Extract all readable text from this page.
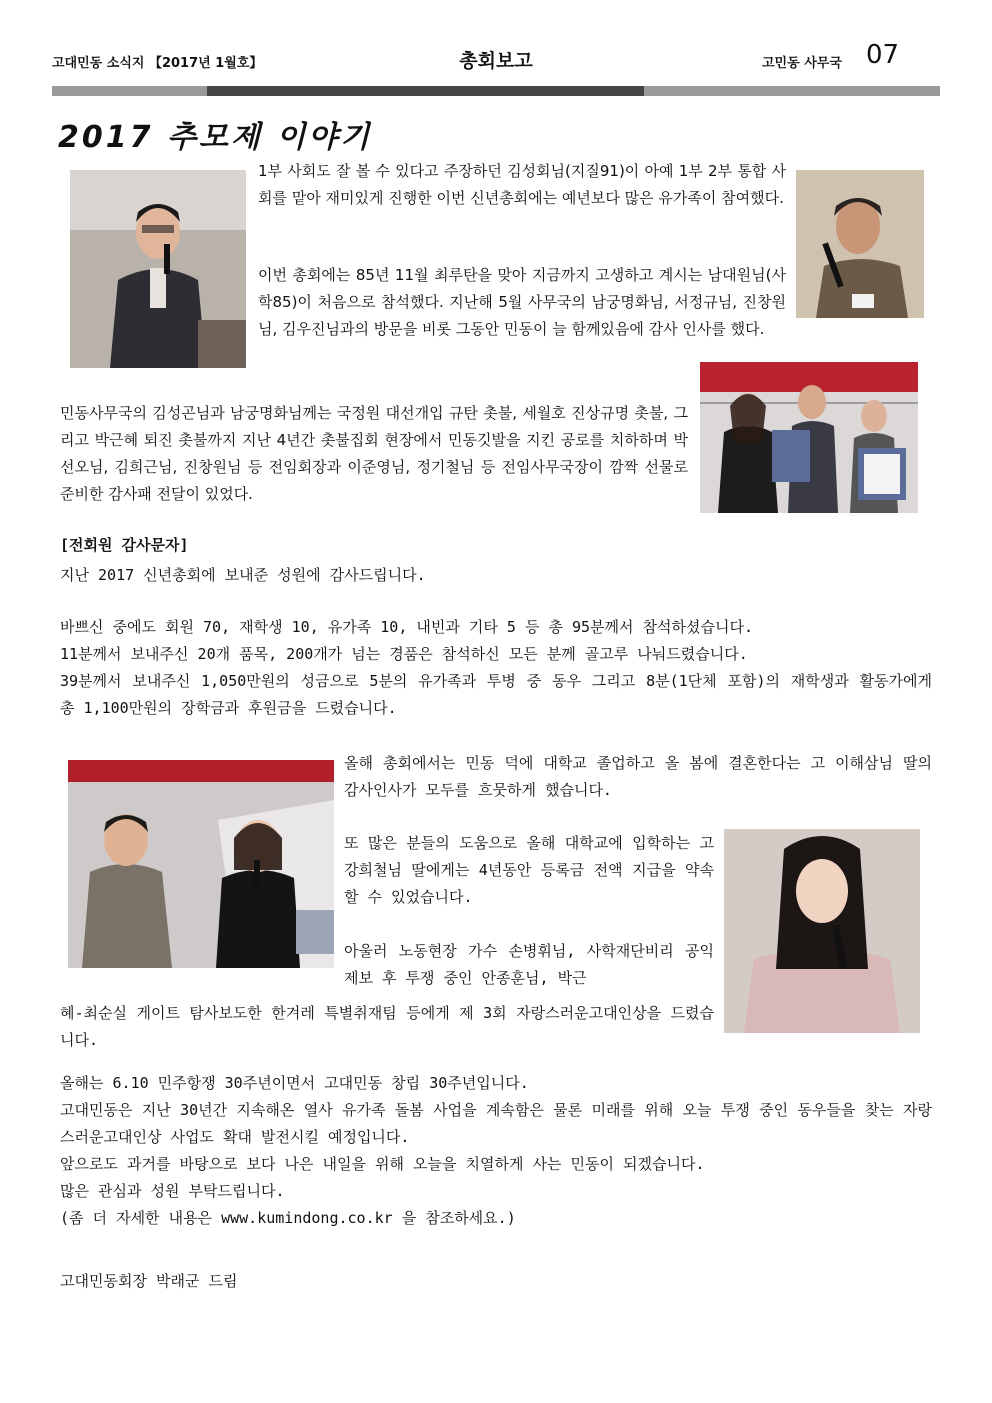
고대민동 소식지 【2017년 1월호】	총회보고	고민동 사무국 07
2017 추모제 이야기

1부 사회도 잘 볼 수 있다고 주장하던 김성회님(지질91)이 아예 1부 2부 통합 사회를 맡아 재미있게 진행한 이번 신년총회에는 예년보다 많은 유가족이 참여했다.

이번 총회에는 85년 11월 최루탄을 맞아 지금까지 고생하고 계시는 남대원님(사학85)이 처음으로 참석했다. 지난해 5월 사무국의 남궁명화님, 서정규님, 진창원님, 김우진님과의 방문을 비롯 그동안 민동이 늘 함께있음에 감사 인사를 했다.

민동사무국의 김성곤님과 남궁명화님께는 국정원 대선개입 규탄 촛불, 세월호 진상규명 촛불, 그리고 박근혜 퇴진 촛불까지 지난 4년간 촛불집회 현장에서 민동깃발을 지킨 공로를 치하하며 박선오님, 김희근님, 진창원님 등 전임회장과 이준영님, 정기철님 등 전임사무국장이 깜짝 선물로 준비한 감사패 전달이 있었다.

[전회원 감사문자]
지난 2017 신년총회에 보내준 성원에 감사드립니다.
바쁘신 중에도 회원 70, 재학생 10, 유가족 10, 내빈과 기타 5 등 총 95분께서 참석하셨습니다.
11분께서 보내주신 20개 품목, 200개가 넘는 경품은 참석하신 모든 분께 골고루 나눠드렸습니다.
39분께서 보내주신 1,050만원의 성금으로 5분의 유가족과 투병 중 동우 그리고 8분(1단체 포함)의 재학생과 활동가에게 총 1,100만원의 장학금과 후원금을 드렸습니다.
올해 총회에서는 민동 덕에 대학교 졸업하고 올 봄에 결혼한다는 고 이해삼님 딸의 감사인사가 모두를 흐뭇하게 했습니다.
또 많은 분들의 도움으로 올해 대학교에 입학하는 고 강희철님 딸에게는 4년동안 등록금 전액 지급을 약속할 수 있었습니다.
아울러 노동현장 가수 손병휘님, 사학재단비리 공익제보 후 투쟁 중인 안종훈님, 박근
혜-최순실 게이트 탐사보도한 한겨레 특별취재팀 등에게 제 3회 자랑스러운고대인상을 드렸습니다.
올해는 6.10 민주항쟁 30주년이면서 고대민동 창립 30주년입니다.
고대민동은 지난 30년간 지속해온 열사 유가족 돌봄 사업을 계속함은 물론 미래를 위해 오늘 투쟁 중인 동우들을 찾는 자랑스러운고대인상 사업도 확대 발전시킬 예정입니다.
앞으로도 과거를 바탕으로 보다 나은 내일을 위해 오늘을 치열하게 사는 민동이 되겠습니다.
많은 관심과 성원 부탁드립니다.
(좀 더 자세한 내용은 www.kumindong.co.kr 을 참조하세요.)
고대민동회장 박래군 드림
